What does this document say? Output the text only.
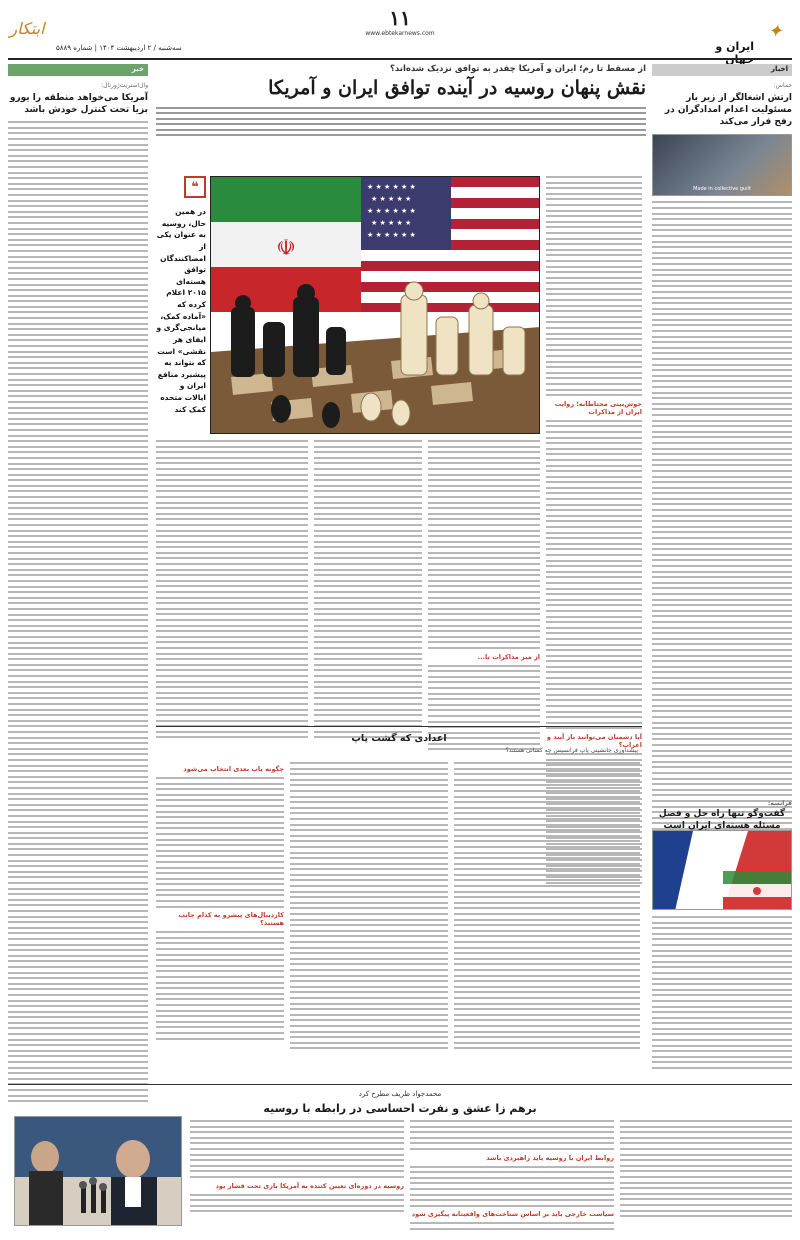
ابتکار	۱۱
www.ebtekarnews.com
سه‌شنبه / ۲ اردیبهشت ۱۴۰۴ | شماره ۵۸۸۹	ایران و
✦
اخبار
حماس:
ارتش اشغالگر از زیر بار مسئولیت اعدام امدادگران در رفح فرار می‌کند
Made in collective guilt
فرانسه:
گفت‌وگو تنها راه حل و فصل مسئله هسته‌ای ایران است
خبر
وال‌استریت‌ژورنال:
آمریکا می‌خواهد منطقه را یورو بزیا تحت کنترل خودش باشد
از مسقط تا رم؛ ایران و آمریکا چقدر به توافق نزدیک شده‌اند؟
نقش پنهان روسیه در آینده توافق ایران و آمریکا
❝
در همین حال، روسیه به عنوان یکی از امضاکنندگان توافق هسته‌ای ۲۰۱۵ اعلام کرده که «آماده کمک، میانجی‌گری و ایفای هر نقشی» است که بتواند به پیشبرد منافع ایران و ایالات متحده کمک کند
☫
★ ★ ★ ★ ★ ★
★ ★ ★ ★ ★
★ ★ ★ ★ ★ ★
★ ★ ★ ★ ★
★ ★ ★ ★ ★ ★
خوش‌بینی محتاطانه؛ روایت ایران از مذاکرات
آیا دشمنان می‌توانند باز آیند و اعراب؟
از میز مذاکرات تا...
اعدادی که گشت پاپ
پیشداوری جانشینی پاپ فرانسیس چه کسانی هستند؟
چگونه پاپ بعدی انتخاب می‌شود
کاردینال‌های پیشرو به کدام جانب هستند؟
محمدجواد ظریف مطرح کرد
برهم زا عشق و نفرت احساسی در رابطه با روسیه
روابط ایران با روسیه باید راهبردی باشد
سیاست خارجی باید بر اساس شناخت‌های واقعیتانه پیگیری شود
روسیه در دوره‌ای تعیین کننده به آمریکا بازی تحت فشار بود
